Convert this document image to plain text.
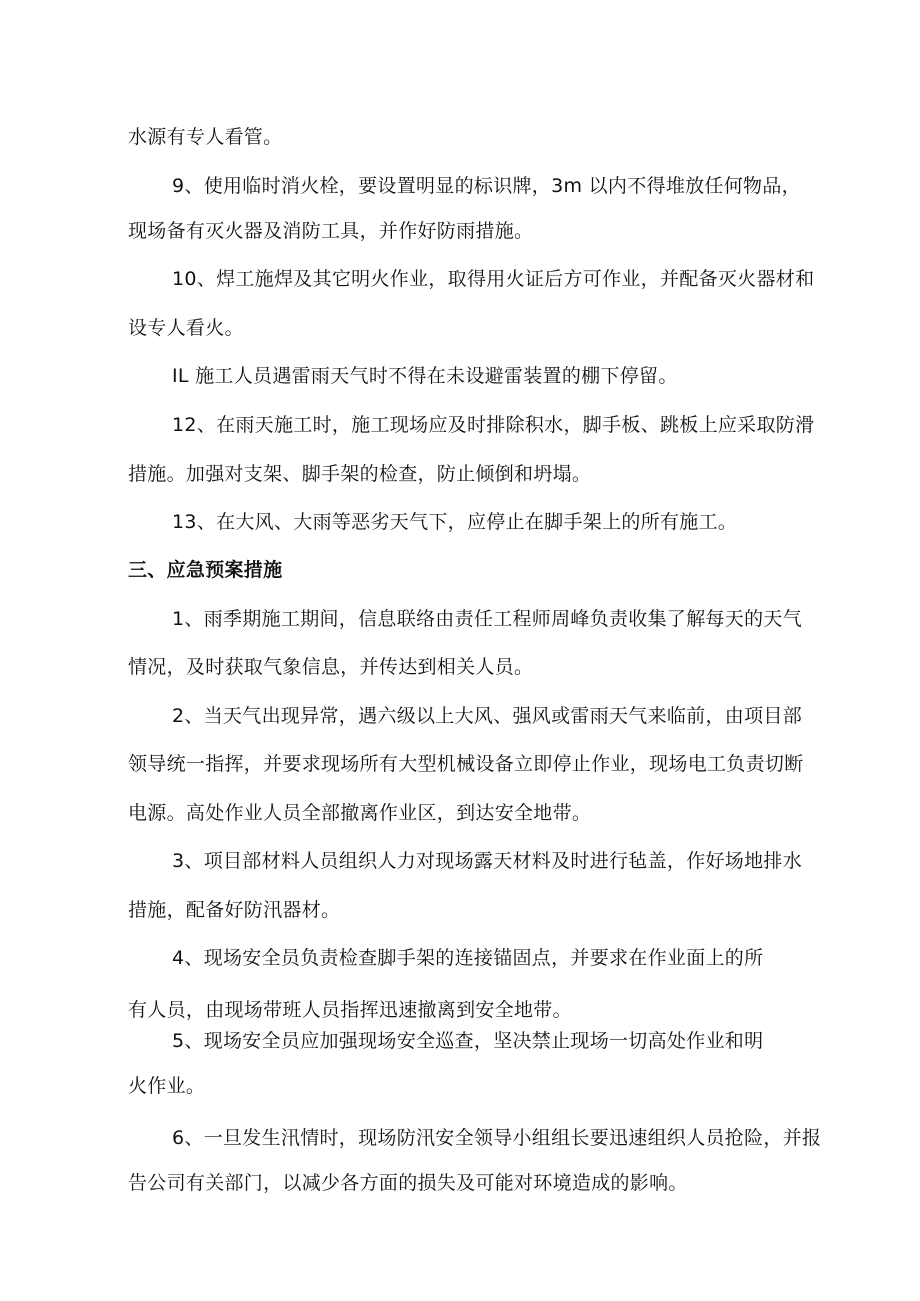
水源有专人看管。
9、使用临时消火栓，要设置明显的标识牌，3m 以内不得堆放任何物品，
现场备有灭火器及消防工具，并作好防雨措施。
10、焊工施焊及其它明火作业，取得用火证后方可作业，并配备灭火器材和
设专人看火。
IL 施工人员遇雷雨天气时不得在未设避雷装置的棚下停留。
12、在雨天施工时，施工现场应及时排除积水，脚手板、跳板上应采取防滑
措施。加强对支架、脚手架的检查，防止倾倒和坍塌。
13、在大风、大雨等恶劣天气下，应停止在脚手架上的所有施工。
三、应急预案措施
1、雨季期施工期间，信息联络由责任工程师周峰负责收集了解每天的天气
情况，及时获取气象信息，并传达到相关人员。
2、当天气出现异常，遇六级以上大风、强风或雷雨天气来临前，由项目部
领导统一指挥，并要求现场所有大型机械设备立即停止作业，现场电工负责切断
电源。高处作业人员全部撤离作业区，到达安全地带。
3、项目部材料人员组织人力对现场露天材料及时进行毡盖，作好场地排水
措施，配备好防汛器材。
4、现场安全员负责检查脚手架的连接锚固点，并要求在作业面上的所
有人员，由现场带班人员指挥迅速撤离到安全地带。
5、现场安全员应加强现场安全巡查，坚决禁止现场一切高处作业和明
火作业。
6、一旦发生汛情时，现场防汛安全领导小组组长要迅速组织人员抢险，并报
告公司有关部门，以减少各方面的损失及可能对环境造成的影响。
